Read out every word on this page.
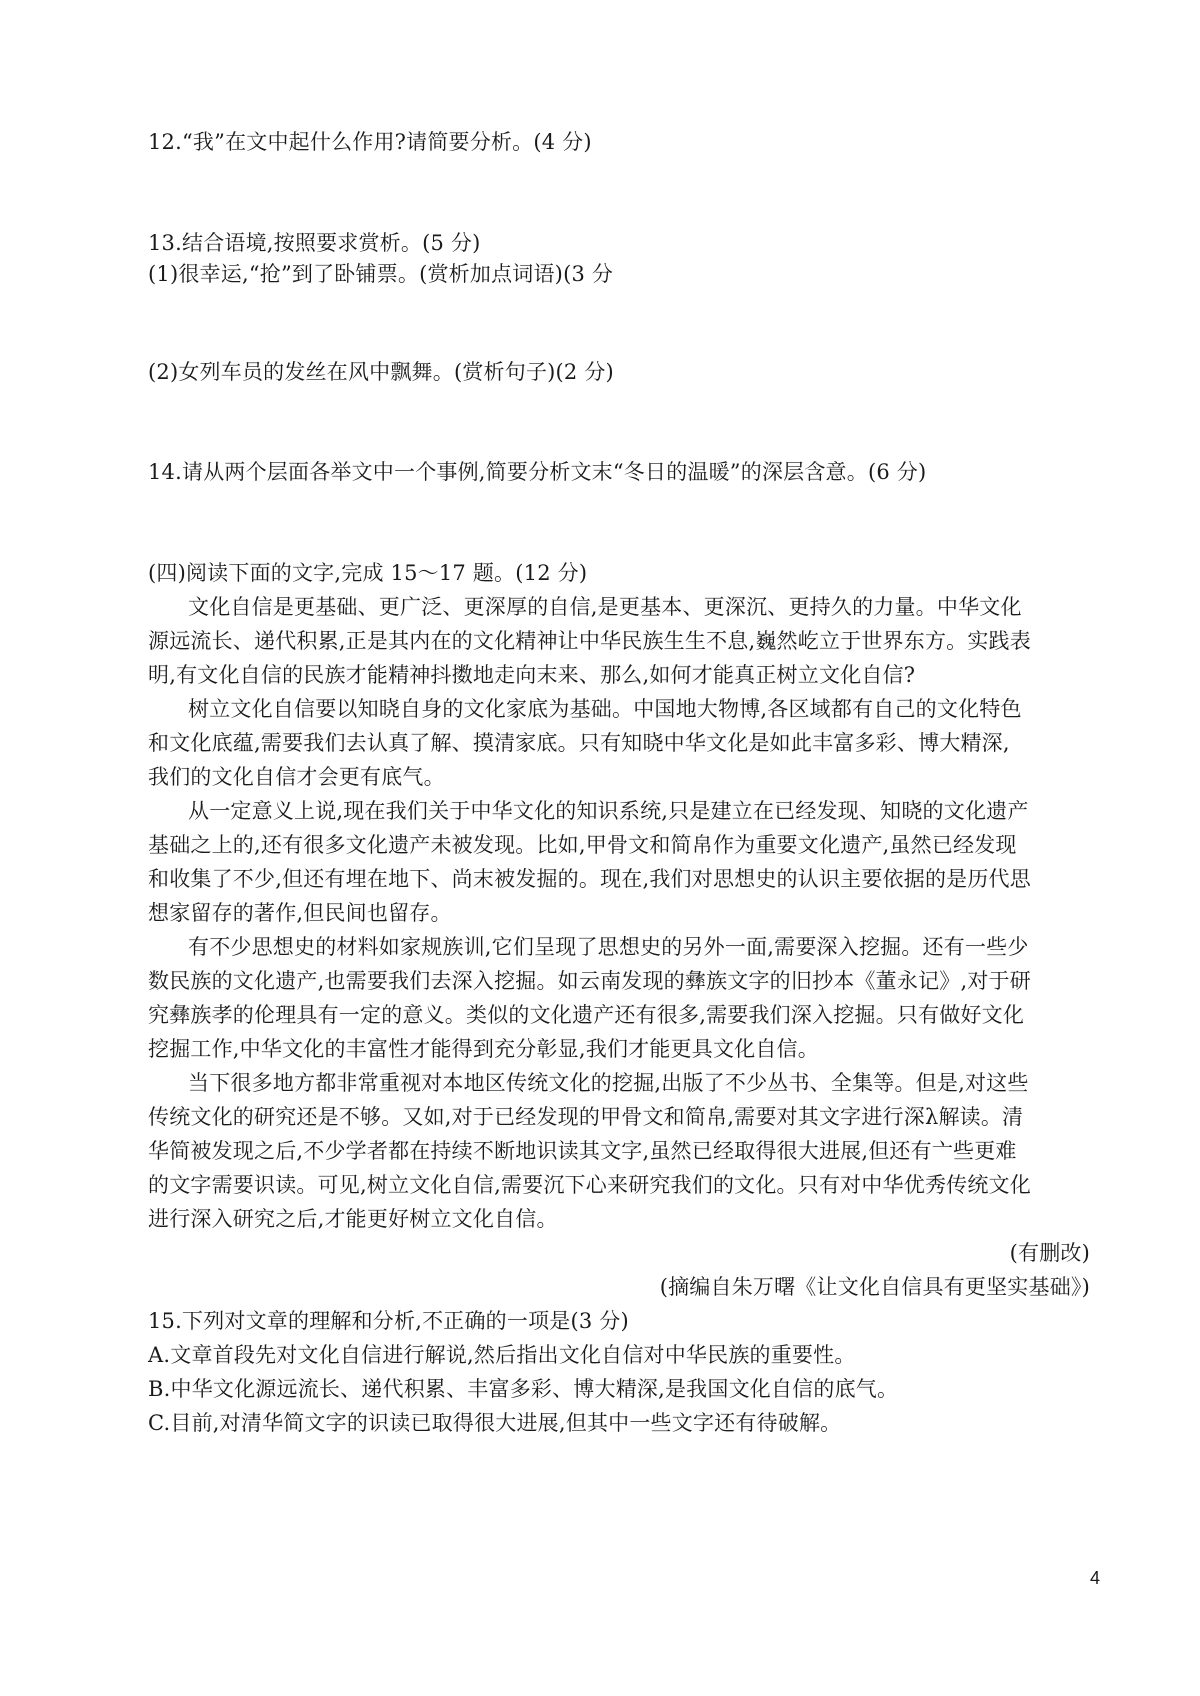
12.“我”在文中起什么作用?请简要分析。(4 分)
13.结合语境,按照要求赏析。(5 分)
(1)很幸运,“抢”到了卧铺票。(赏析加点词语)(3 分
(2)女列车员的发丝在风中飘舞。(赏析句子)(2 分)
14.请从两个层面各举文中一个事例,简要分析文末“冬日的温暖”的深层含意。(6 分)
(四)阅读下面的文字,完成 15～17 题。(12 分)
文化自信是更基础、更广泛、更深厚的自信,是更基本、更深沉、更持久的力量。中华文化
源远流长、递代积累,正是其内在的文化精神让中华民族生生不息,巍然屹立于世界东方。实践表
明,有文化自信的民族才能精神抖擞地走向末来、那么,如何才能真正树立文化自信?
树立文化自信要以知晓自身的文化家底为基础。中国地大物博,各区域都有自己的文化特色
和文化底蕴,需要我们去认真了解、摸清家底。只有知晓中华文化是如此丰富多彩、博大精深,
我们的文化自信才会更有底气。
从一定意义上说,现在我们关于中华文化的知识系统,只是建立在已经发现、知晓的文化遗产
基础之上的,还有很多文化遗产未被发现。比如,甲骨文和简帛作为重要文化遗产,虽然已经发现
和收集了不少,但还有埋在地下、尚末被发掘的。现在,我们对思想史的认识主要依据的是历代思
想家留存的著作,但民间也留存。
有不少思想史的材料如家规族训,它们呈现了思想史的另外一面,需要深入挖掘。还有一些少
数民族的文化遗产,也需要我们去深入挖掘。如云南发现的彝族文字的旧抄本《董永记》,对于研
究彝族孝的伦理具有一定的意义。类似的文化遗产还有很多,需要我们深入挖掘。只有做好文化
挖掘工作,中华文化的丰富性才能得到充分彰显,我们才能更具文化自信。
当下很多地方都非常重视对本地区传统文化的挖掘,出版了不少丛书、全集等。但是,对这些
传统文化的研究还是不够。又如,对于已经发现的甲骨文和简帛,需要对其文字进行深λ解读。清
华简被发现之后,不少学者都在持续不断地识读其文字,虽然已经取得很大进展,但还有亠些更难
的文字需要识读。可见,树立文化自信,需要沉下心来研究我们的文化。只有对中华优秀传统文化
进行深入研究之后,才能更好树立文化自信。
(有删改)
(摘编自朱万曙《让文化自信具有更坚实基础》)
15.下列对文章的理解和分析,不正确的一项是(3 分)
A.文章首段先对文化自信进行解说,然后指出文化自信对中华民族的重要性。
B.中华文化源远流长、递代积累、丰富多彩、博大精深,是我国文化自信的底气。
C.目前,对清华简文字的识读已取得很大进展,但其中一些文字还有待破解。
4
